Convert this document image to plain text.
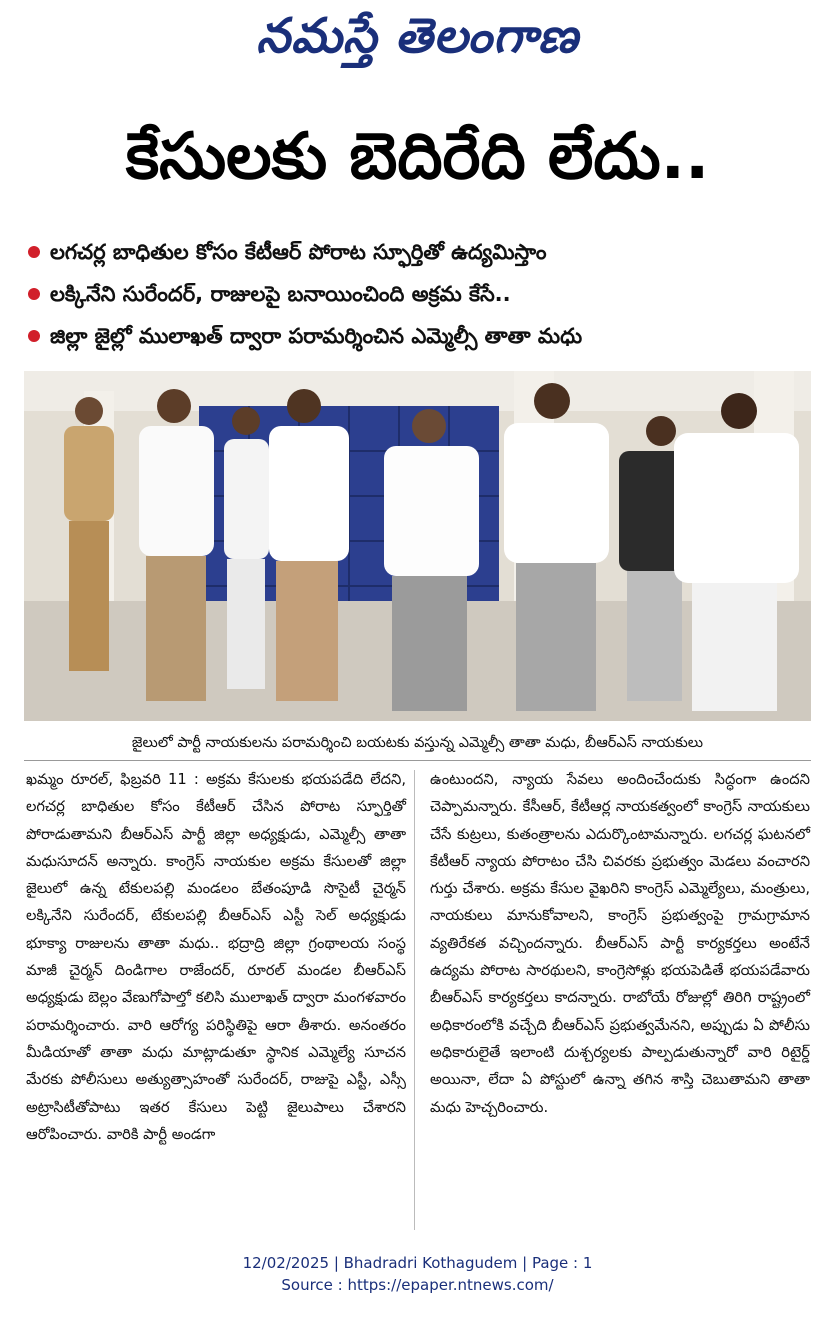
నమస్తే తెలంగాణ
కేసులకు బెదిరేది లేదు..
లగచర్ల బాధితుల కోసం కేటీఆర్ పోరాట స్ఫూర్తితో ఉద్యమిస్తాం
లక్కినేని సురేందర్, రాజులపై బనాయించింది అక్రమ కేసే..
జిల్లా జైల్లో ములాఖత్ ద్వారా పరామర్శించిన ఎమ్మెల్సీ తాతా మధు
జైలులో పార్టీ నాయకులను పరామర్శించి బయటకు వస్తున్న ఎమ్మెల్సీ తాతా మధు, బీఆర్ఎస్ నాయకులు

ఖమ్మం రూరల్, ఫిబ్రవరి 11 : అక్రమ కేసులకు భయపడేది లేదని, లగచర్ల బాధితుల కోసం కేటీఆర్ చేసిన పోరాట స్ఫూర్తితో పోరాడుతామని బీఆర్ఎస్ పార్టీ జిల్లా అధ్యక్షుడు, ఎమ్మెల్సీ తాతా మధుసూదన్ అన్నారు. కాంగ్రెస్ నాయకుల అక్రమ కేసులతో జిల్లా జైలులో ఉన్న టేకులపల్లి మండలం బేతంపూడి సొసైటీ చైర్మన్ లక్కినేని సురేందర్, టేకులపల్లి బీఆర్ఎస్ ఎస్టీ సెల్ అధ్యక్షుడు భూక్యా రాజులను తాతా మధు.. భద్రాద్రి జిల్లా గ్రంథాలయ సంస్థ మాజీ చైర్మన్ దిండిగాల రాజేందర్, రూరల్ మండల బీఆర్ఎస్ అధ్యక్షుడు బెల్లం వేణుగోపాల్తో కలిసి ములాఖత్ ద్వారా మంగళవారం పరామర్శించారు. వారి ఆరోగ్య పరిస్థితిపై ఆరా తీశారు. అనంతరం మీడియాతో తాతా మధు మాట్లాడుతూ స్థానిక ఎమ్మెల్యే సూచన మేరకు పోలీసులు అత్యుత్సాహంతో సురేందర్, రాజుపై ఎస్టీ, ఎస్సీ అట్రాసిటీతోపాటు ఇతర కేసులు పెట్టి జైలుపాలు చేశారని ఆరోపించారు. వారికి పార్టీ అండగా

ఉంటుందని, న్యాయ సేవలు అందించేందుకు సిద్ధంగా ఉందని చెప్పామన్నారు. కేసీఆర్, కేటీఆర్ల నాయకత్వంలో కాంగ్రెస్ నాయకులు చేసే కుట్రలు, కుతంత్రాలను ఎదుర్కొంటామన్నారు. లగచర్ల ఘటనలో కేటీఆర్ న్యాయ పోరాటం చేసి చివరకు ప్రభుత్వం మెడలు వంచారని గుర్తు చేశారు. అక్రమ కేసుల వైఖరిని కాంగ్రెస్ ఎమ్మెల్యేలు, మంత్రులు, నాయకులు మానుకోవాలని, కాంగ్రెస్ ప్రభుత్వంపై గ్రామగ్రామాన వ్యతిరేకత వచ్చిందన్నారు. బీఆర్ఎస్ పార్టీ కార్యకర్తలు అంటేనే ఉద్యమ పోరాట సారథులని, కాంగ్రెసోళ్లు భయపెడితే భయపడేవారు బీఆర్ఎస్ కార్యకర్తలు కాదన్నారు. రాబోయే రోజుల్లో తిరిగి రాష్ట్రంలో అధికారంలోకి వచ్చేది బీఆర్ఎస్ ప్రభుత్వమేనని, అప్పుడు ఏ పోలీసు అధికారులైతే ఇలాంటి దుశ్చర్యలకు పాల్పడుతున్నారో వారి రిటైర్డ్ అయినా, లేదా ఏ పోస్టులో ఉన్నా తగిన శాస్తి చెబుతామని తాతా మధు హెచ్చరించారు.

12/02/2025 | Bhadradri Kothagudem | Page : 1
Source : https://epaper.ntnews.com/
